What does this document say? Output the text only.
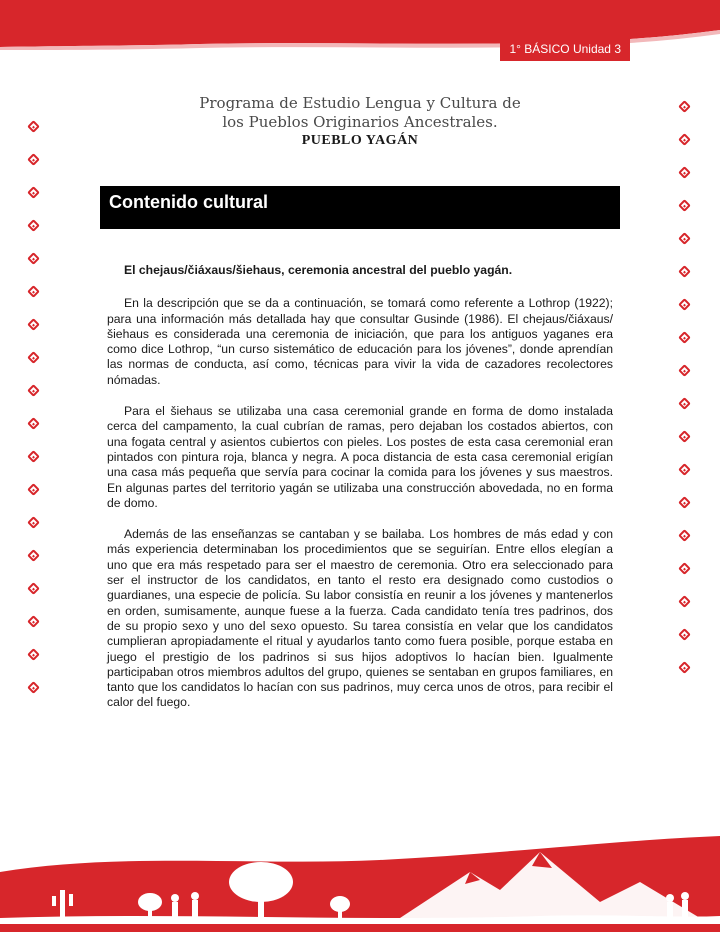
1° BÁSICO Unidad 3
Programa de Estudio Lengua y Cultura de
los Pueblos Originarios Ancestrales.
PUEBLO YAGÁN
Contenido cultural
El chejaus/čiáxaus/šiehaus, ceremonia ancestral del pueblo yagán.

En la descripción que se da a continuación, se tomará como referente a Lothrop (1922); para una información más detallada hay que consultar Gusinde (1986). El chejaus/čiáxaus/šiehaus es considerada una ceremonia de iniciación, que para los antiguos yaganes era como dice Lothrop, “un curso sistemático de educación para los jóvenes”, donde aprendían las normas de conducta, así como, técnicas para vivir la vida de cazadores recolectores nómadas.

Para el šiehaus se utilizaba una casa ceremonial grande en forma de domo instalada cerca del campamento, la cual cubrían de ramas, pero dejaban los costados abiertos, con una fogata central y asientos cubiertos con pieles. Los postes de esta casa ceremonial eran pintados con pintura roja, blanca y negra. A poca distancia de esta casa ceremonial erigían una casa más pequeña que servía para cocinar la comida para los jóvenes y sus maestros. En algunas partes del territorio yagán se utilizaba una construcción abovedada, no en forma de domo.

Además de las enseñanzas se cantaban y se bailaba. Los hombres de más edad y con más experiencia determinaban los procedimientos que se seguirían. Entre ellos elegían a uno que era más respetado para ser el maestro de ceremonia. Otro era seleccionado para ser el instructor de los candidatos, en tanto el resto era designado como custodios o guardianes, una especie de policía. Su labor consistía en reunir a los jóvenes y mantenerlos en orden, sumisamente, aunque fuese a la fuerza. Cada candidato tenía tres padrinos, dos de su propio sexo y uno del sexo opuesto. Su tarea consistía en velar que los candidatos cumplieran apropiadamente el ritual y ayudarlos tanto como fuera posible, porque estaba en juego el prestigio de los padrinos si sus hijos adoptivos lo hacían bien. Igualmente participaban otros miembros adultos del grupo, quienes se sentaban en grupos familiares, en tanto que los candidatos lo hacían con sus padrinos, muy cerca unos de otros, para recibir el calor del fuego.
